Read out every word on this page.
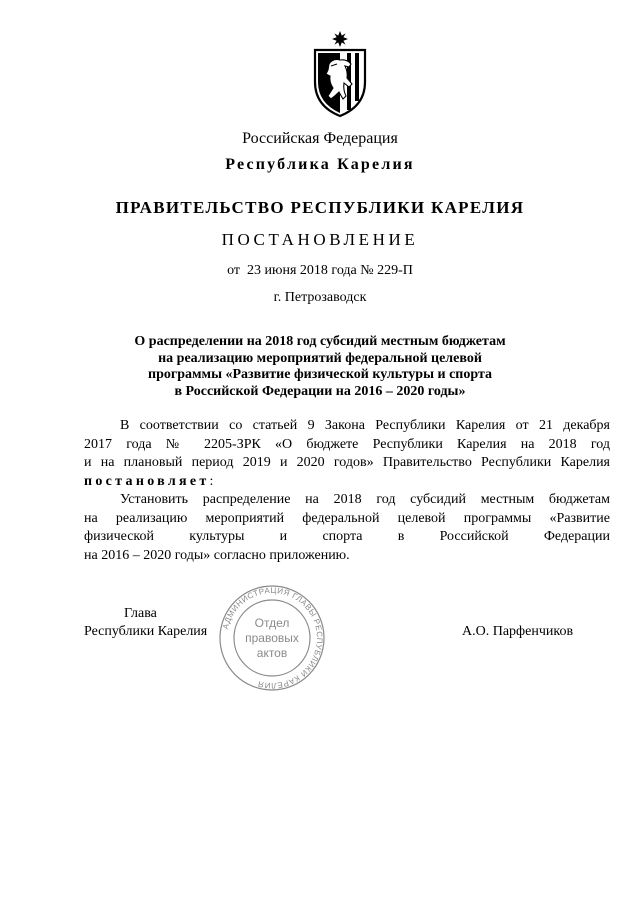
Российская Федерация
Республика Карелия
ПРАВИТЕЛЬСТВО РЕСПУБЛИКИ КАРЕЛИЯ
ПОСТАНОВЛЕНИЕ
от  23 июня 2018 года № 229-П
г. Петрозаводск
О распределении на 2018 год субсидий местным бюджетам
на реализацию мероприятий федеральной целевой
программы «Развитие физической культуры и спорта
в Российской Федерации на 2016 – 2020 годы»
В соответствии со статьей 9 Закона Республики Карелия от 21 декабря
2017 года № 2205-ЗРК «О бюджете Республики Карелия на 2018 год
и на плановый период 2019 и 2020 годов» Правительство Республики Карелия
постановляет:
Установить распределение на 2018 год субсидий местным бюджетам
на реализацию мероприятий федеральной целевой программы «Развитие
физической культуры и спорта в Российской Федерации
на 2016 – 2020 годы» согласно приложению.
Глава
Республики Карелия	А.О. Парфенчиков
АДМИНИСТРАЦИЯ ГЛАВЫ РЕСПУБЛИКИ КАРЕЛИЯ
Отдел
правовых
актов
